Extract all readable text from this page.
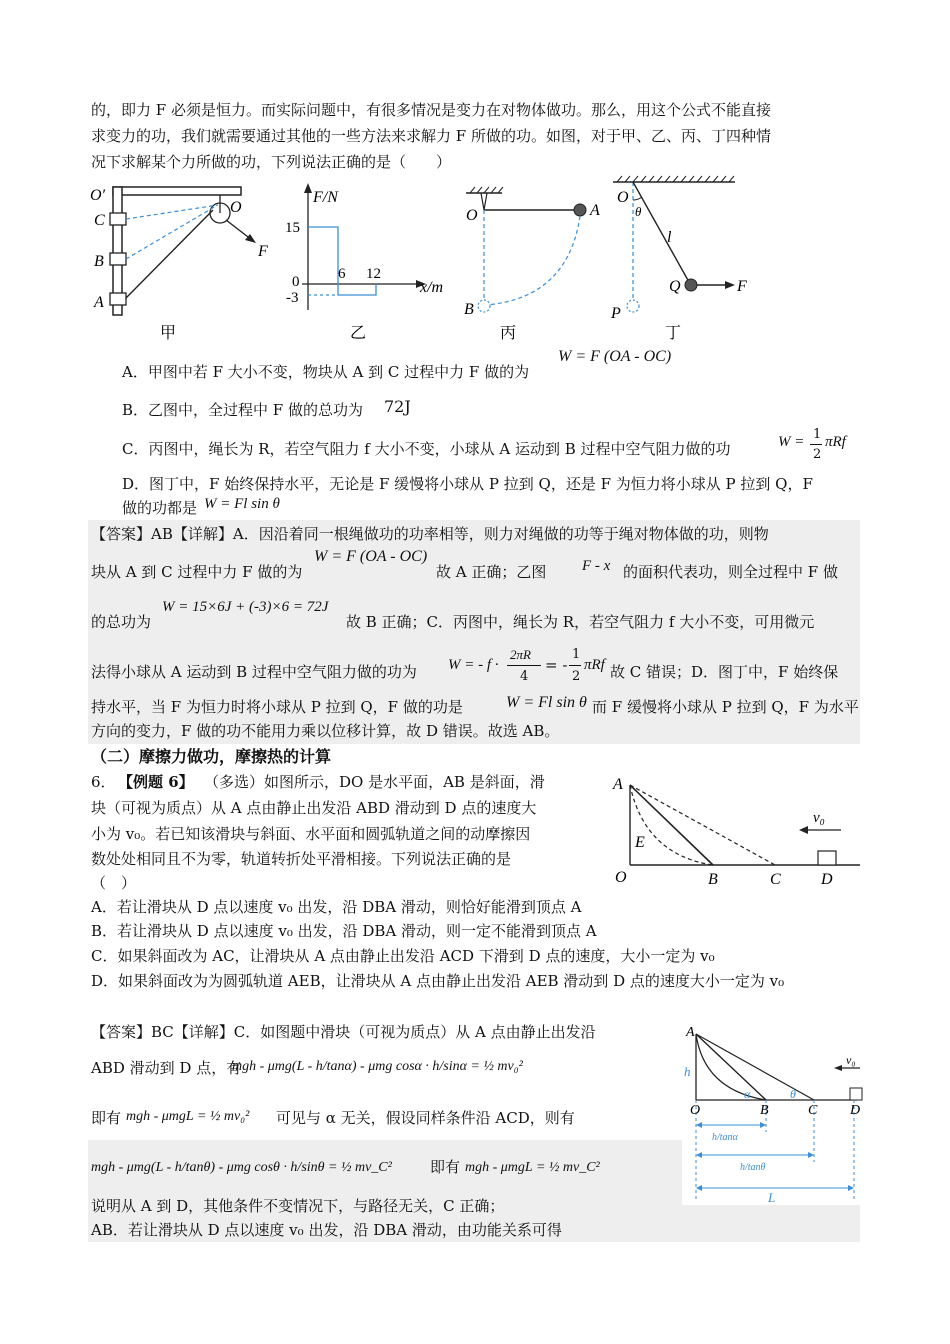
的，即力 F 必须是恒力。而实际问题中，有很多情况是变力在对物体做功。那么，用这个公式不能直接
求变力的功，我们就需要通过其他的一些方法来求解力 F 所做的功。如图，对于甲、乙、丙、丁四种情
况下求解某个力所做的功，下列说法正确的是（　　）
O′
O
C
B
A
F
甲
F/N
x/m
15
0
-3
6 12
乙
O	A
B
丙
O
θ
l
Q	F
P
丁
A．甲图中若 F 大小不变，物块从 A 到 C 过程中力 F 做的为
W = F (OA - OC)
B．乙图中，全过程中 F 做的总功为 72J
C．丙图中，绳长为 R，若空气阻力 f 大小不变，小球从 A 运动到 B 过程中空气阻力做的功	W = 1
2
πRf
D．图丁中，F 始终保持水平，无论是 F 缓慢将小球从 P 拉到 Q，还是 F 为恒力将小球从 P 拉到 Q，F
做的功都是 W = Fl sin θ
【答案】AB【详解】A．因沿着同一根绳做功的功率相等，则力对绳做的功等于绳对物体做的功，则物
块从 A 到 C 过程中力 F 做的为
W = F (OA - OC)
故 A 正确；乙图 F - x 的面积代表功，则全过程中 F 做
的总功为
W = 15×6J + (-3)×6 = 72J
故 B 正确；C．丙图中，绳长为 R，若空气阻力 f 大小不变，可用微元
法得小球从 A 运动到 B 过程中空气阻力做的功为 W = - f ·
2πR
4
= -
1
2
πRf 故 C 错误；D．图丁中，F 始终保
持水平，当 F 为恒力时将小球从 P 拉到 Q，F 做的功是	W = Fl sin θ 而 F 缓慢将小球从 P 拉到 Q，F 为水平
方向的变力，F 做的功不能用力乘以位移计算，故 D 错误。故选 AB。
（二）摩擦力做功，摩擦热的计算
6． 【例题 6】 （多选）如图所示，DO 是水平面，AB 是斜面，滑
块（可视为质点）从 A 点由静止出发沿 ABD 滑动到 D 点的速度大
小为 v₀。若已知该滑块与斜面、水平面和圆弧轨道之间的动摩擦因
数处处相同且不为零，轨道转折处平滑相接。下列说法正确的是
（　）
A．若让滑块从 D 点以速度 v₀ 出发，沿 DBA 滑动，则恰好能滑到顶点 A
B．若让滑块从 D 点以速度 v₀ 出发，沿 DBA 滑动，则一定不能滑到顶点 A
C．如果斜面改为 AC，让滑块从 A 点由静止出发沿 ACD 下滑到 D 点的速度，大小一定为 v₀
D．如果斜面改为为圆弧轨道 AEB，让滑块从 A 点由静止出发沿 AEB 滑动到 D 点的速度大小一定为 v₀
A
E
O	B	C	D
v₀
【答案】BC【详解】C．如图题中滑块（可视为质点）从 A 点由静止出发沿
ABD 滑动到 D 点，有
mgh - μmg(L - h/tanα) - μmg cosα · h/sinα = ½ mv₀²
即有 mgh - μmgL = ½ mv₀² 可见与 α 无关，假设同样条件沿 ACD，则有
mgh - μmg(L - h/tanθ) - μmg cosθ · h/sinθ = ½ mv_C²	即有 mgh - μmgL = ½ mv_C²
说明从 A 到 D，其他条件不变情况下，与路径无关，C 正确；
AB．若让滑块从 D 点以速度 v₀ 出发，沿 DBA 滑动，由功能关系可得
A
h
O	B	C D
v₀
α	θ
h/tanα
h/tanθ
L
